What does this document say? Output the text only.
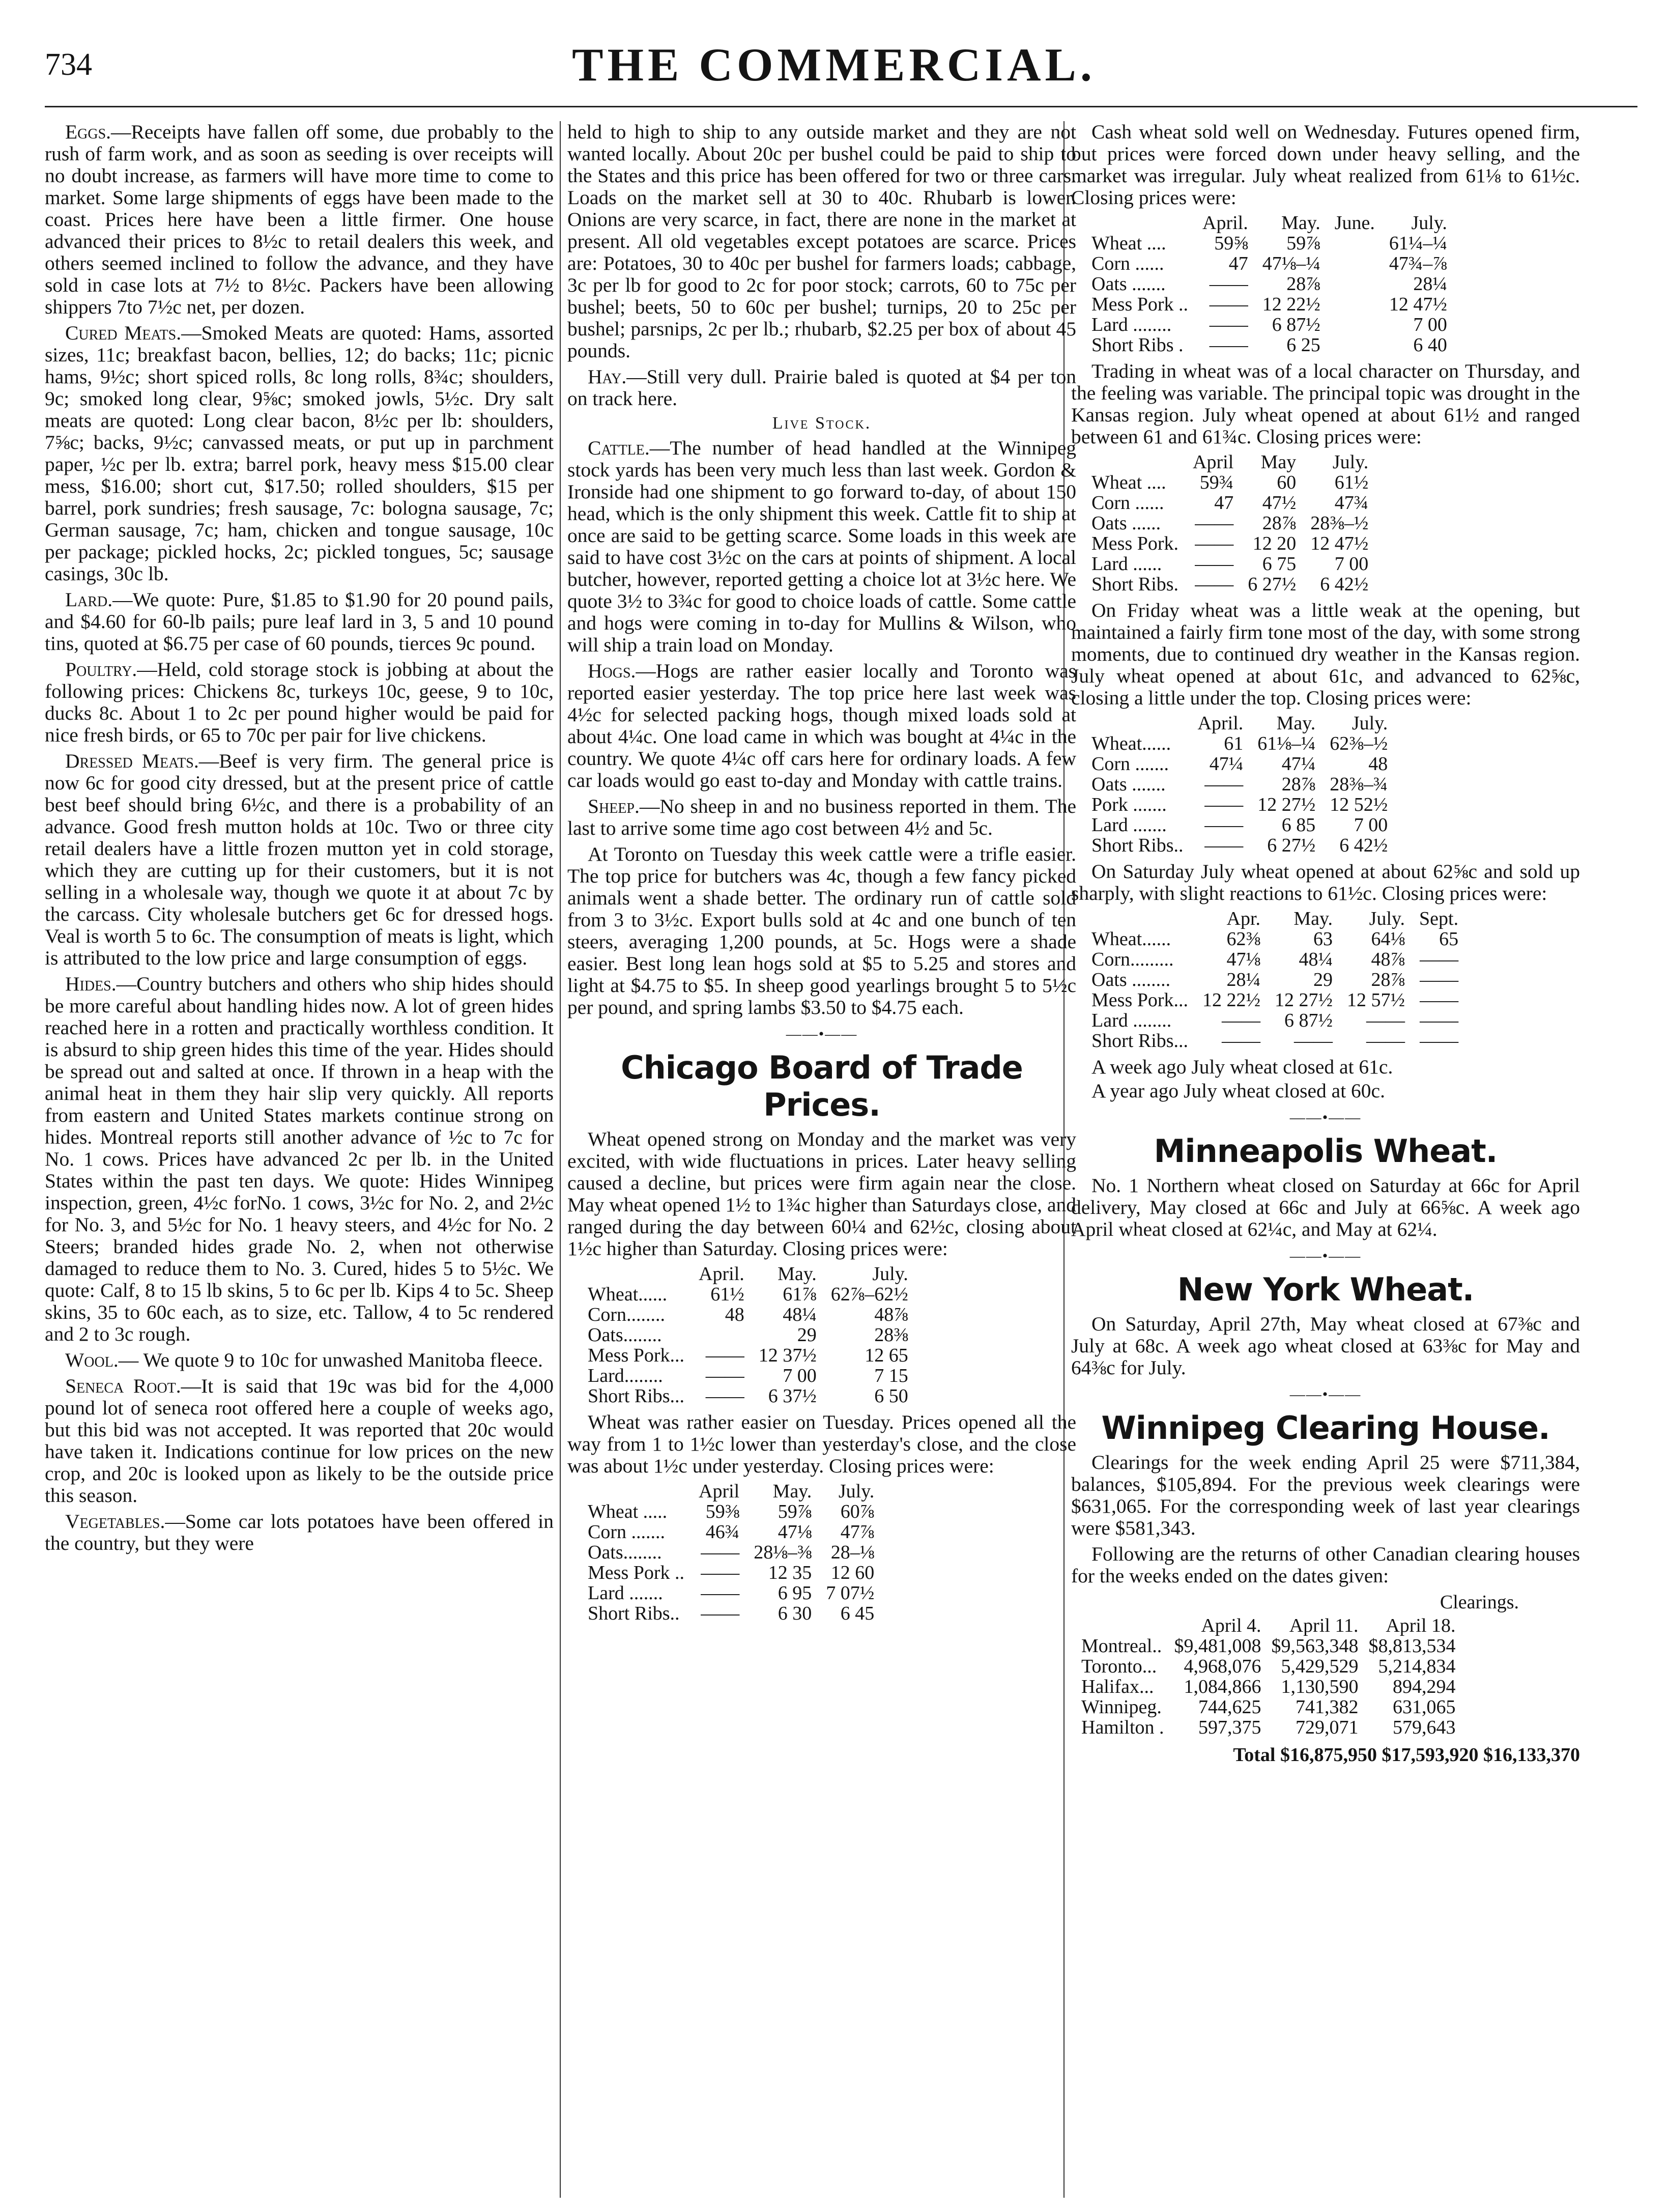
734	THE COMMERCIAL.

Eggs.—Receipts have fallen off some, due probably to the rush of farm work, and as soon as seeding is over receipts will no doubt increase, as farmers will have more time to come to market. Some large shipments of eggs have been made to the coast. Prices here have been a little firmer. One house advanced their prices to 8½c to retail dealers this week, and others seemed inclined to follow the advance, and they have sold in case lots at 7½ to 8½c. Packers have been allowing shippers 7to 7½c net, per dozen.

Cured Meats.—Smoked Meats are quoted: Hams, assorted sizes, 11c; breakfast bacon, bellies, 12; do backs; 11c; picnic hams, 9½c; short spiced rolls, 8c long rolls, 8¾c; shoulders, 9c; smoked long clear, 9⅝c; smoked jowls, 5½c. Dry salt meats are quoted: Long clear bacon, 8½c per lb: shoulders, 7⅝c; backs, 9½c; canvassed meats, or put up in parchment paper, ½c per lb. extra; barrel pork, heavy mess $15.00 clear mess, $16.00; short cut, $17.50; rolled shoulders, $15 per barrel, pork sundries; fresh sausage, 7c: bologna sausage, 7c; German sausage, 7c; ham, chicken and tongue sausage, 10c per package; pickled hocks, 2c; pickled tongues, 5c; sausage casings, 30c lb.

Lard.—We quote: Pure, $1.85 to $1.90 for 20 pound pails, and $4.60 for 60-lb pails; pure leaf lard in 3, 5 and 10 pound tins, quoted at $6.75 per case of 60 pounds, tierces 9c pound.

Poultry.—Held, cold storage stock is jobbing at about the following prices: Chickens 8c, turkeys 10c, geese, 9 to 10c, ducks 8c. About 1 to 2c per pound higher would be paid for nice fresh birds, or 65 to 70c per pair for live chickens.

Dressed Meats.—Beef is very firm. The general price is now 6c for good city dressed, but at the present price of cattle best beef should bring 6½c, and there is a probability of an advance. Good fresh mutton holds at 10c. Two or three city retail dealers have a little frozen mutton yet in cold storage, which they are cutting up for their customers, but it is not selling in a wholesale way, though we quote it at about 7c by the carcass. City wholesale butchers get 6c for dressed hogs. Veal is worth 5 to 6c. The consumption of meats is light, which is attributed to the low price and large consumption of eggs.

Hides.—Country butchers and others who ship hides should be more careful about handling hides now. A lot of green hides reached here in a rotten and practically worthless condition. It is absurd to ship green hides this time of the year. Hides should be spread out and salted at once. If thrown in a heap with the animal heat in them they hair slip very quickly. All reports from eastern and United States markets continue strong on hides. Montreal reports still another advance of ½c to 7c for No. 1 cows. Prices have advanced 2c per lb. in the United States within the past ten days. We quote: Hides Winnipeg inspection, green, 4½c forNo. 1 cows, 3½c for No. 2, and 2½c for No. 3, and 5½c for No. 1 heavy steers, and 4½c for No. 2 Steers; branded hides grade No. 2, when not otherwise damaged to reduce them to No. 3. Cured, hides 5 to 5½c. We quote: Calf, 8 to 15 lb skins, 5 to 6c per lb. Kips 4 to 5c. Sheep skins, 35 to 60c each, as to size, etc. Tallow, 4 to 5c rendered and 2 to 3c rough.

Wool.— We quote 9 to 10c for unwashed Manitoba fleece.

Seneca Root.—It is said that 19c was bid for the 4,000 pound lot of seneca root offered here a couple of weeks ago, but this bid was not accepted. It was reported that 20c would have taken it. Indications continue for low prices on the new crop, and 20c is looked upon as likely to be the outside price this season.

Vegetables.—Some car lots potatoes have been offered in the country, but they were

held to high to ship to any outside market and they are not wanted locally. About 20c per bushel could be paid to ship to the States and this price has been offered for two or three cars. Loads on the market sell at 30 to 40c. Rhubarb is lower. Onions are very scarce, in fact, there are none in the market at present. All old vegetables except potatoes are scarce. Prices are: Potatoes, 30 to 40c per bushel for farmers loads; cabbage, 3c per lb for good to 2c for poor stock; carrots, 60 to 75c per bushel; beets, 50 to 60c per bushel; turnips, 20 to 25c per bushel; parsnips, 2c per lb.; rhubarb, $2.25 per box of about 45 pounds.

Hay.—Still very dull. Prairie baled is quoted at $4 per ton on track here.

Live Stock.

Cattle.—The number of head handled at the Winnipeg stock yards has been very much less than last week. Gordon & Ironside had one shipment to go forward to-day, of about 150 head, which is the only shipment this week. Cattle fit to ship at once are said to be getting scarce. Some loads in this week are said to have cost 3½c on the cars at points of shipment. A local butcher, however, reported getting a choice lot at 3½c here. We quote 3½ to 3¾c for good to choice loads of cattle. Some cattle and hogs were coming in to-day for Mullins & Wilson, who will ship a train load on Monday.

Hogs.—Hogs are rather easier locally and Toronto was reported easier yesterday. The top price here last week was 4½c for selected packing hogs, though mixed loads sold at about 4¼c. One load came in which was bought at 4¼c in the country. We quote 4¼c off cars here for ordinary loads. A few car loads would go east to-day and Monday with cattle trains.

Sheep.—No sheep in and no business reported in them. The last to arrive some time ago cost between 4½ and 5c.

At Toronto on Tuesday this week cattle were a trifle easier. The top price for butchers was 4c, though a few fancy picked animals went a shade better. The ordinary run of cattle sold from 3 to 3½c. Export bulls sold at 4c and one bunch of ten steers, averaging 1,200 pounds, at 5c. Hogs were a shade easier. Best long lean hogs sold at $5 to 5.25 and stores and light at $4.75 to $5. In sheep good yearlings brought 5 to 5½c per pound, and spring lambs $3.50 to $4.75 each.

——•——
Chicago Board of Trade Prices.

Wheat opened strong on Monday and the market was very excited, with wide fluctuations in prices. Later heavy selling caused a decline, but prices were firm again near the close. May wheat opened 1½ to 1¾c higher than Saturdays close, and ranged during the day between 60¼ and 62½c, closing about 1½c higher than Saturday. Closing prices were:

	April.	May.	July.
Wheat......	61½	61⅞	62⅞–62½
Corn........	48	48¼	48⅞
Oats........		29	28⅜
Mess Pork...	——	12 37½	12 65
Lard........	——	7 00	7 15
Short Ribs...	——	6 37½	6 50

Wheat was rather easier on Tuesday. Prices opened all the way from 1 to 1½c lower than yesterday's close, and the close was about 1½c under yesterday. Closing prices were:

	April	May.	July.
Wheat .....	59⅜	59⅞	60⅞
Corn .......	46¾	47⅛	47⅞
Oats........	——	28⅛–⅜	28–⅛
Mess Pork ..	——	12 35	12 60
Lard .......	——	6 95	7 07½
Short Ribs..	——	6 30	6 45

Cash wheat sold well on Wednesday. Futures opened firm, but prices were forced down under heavy selling, and the market was irregular. July wheat realized from 61⅛ to 61½c. Closing prices were:

	April.	May.	June.	July.
Wheat ....	59⅝	59⅞		61¼–¼
Corn ......	47	47⅛–¼		47¾–⅞
Oats .......	——	28⅞		28¼
Mess Pork ..	——	12 22½		12 47½
Lard ........	——	6 87½		7 00
Short Ribs .	——	6 25		6 40

Trading in wheat was of a local character on Thursday, and the feeling was variable. The principal topic was drought in the Kansas region. July wheat opened at about 61½ and ranged between 61 and 61¾c. Closing prices were:

	April	May	July.
Wheat ....	59¾	60	61½
Corn ......	47	47½	47¾
Oats ......	——	28⅞	28⅜–½
Mess Pork.	——	12 20	12 47½
Lard ......	——	6 75	7 00
Short Ribs.	——	6 27½	6 42½

On Friday wheat was a little weak at the opening, but maintained a fairly firm tone most of the day, with some strong moments, due to continued dry weather in the Kansas region. July wheat opened at about 61c, and advanced to 62⅝c, closing a little under the top. Closing prices were:

	April.	May.	July.
Wheat......	61	61⅛–¼	62⅜–½
Corn .......	47¼	47¼	48
Oats .......	——	28⅞	28⅜–¾
Pork .......	——	12 27½	12 52½
Lard .......	——	6 85	7 00
Short Ribs..	——	6 27½	6 42½

On Saturday July wheat opened at about 62⅝c and sold up sharply, with slight reactions to 61½c. Closing prices were:

	Apr.	May.	July.	Sept.
Wheat......	62⅜	63	64⅛	65
Corn.........	47⅛	48¼	48⅞	——
Oats ........	28¼	29	28⅞	——
Mess Pork...	12 22½	12 27½	12 57½	——
Lard ........	——	6 87½	——	——
Short Ribs...	——	——	——	——
A week ago July wheat closed at 61c.
A year ago July wheat closed at 60c.
——•——
Minneapolis Wheat.

No. 1 Northern wheat closed on Saturday at 66c for April delivery, May closed at 66c and July at 66⅝c. A week ago April wheat closed at 62¼c, and May at 62¼.

——•——
New York Wheat.

On Saturday, April 27th, May wheat closed at 67⅜c and July at 68c. A week ago wheat closed at 63⅜c for May and 64⅜c for July.

——•——
Winnipeg Clearing House.

Clearings for the week ending April 25 were $711,384, balances, $105,894. For the previous week clearings were $631,065. For the corresponding week of last year clearings were $581,343.

Following are the returns of other Canadian clearing houses for the weeks ended on the dates given:

Clearings.
	April 4.	April 11.	April 18.
Montreal..	$9,481,008	$9,563,348	$8,813,534
Toronto...	4,968,076	5,429,529	5,214,834
Halifax...	1,084,866	1,130,590	894,294
Winnipeg.	744,625	741,382	631,065
Hamilton .	597,375	729,071	579,643
Total $16,875,950 $17,593,920 $16,133,370
